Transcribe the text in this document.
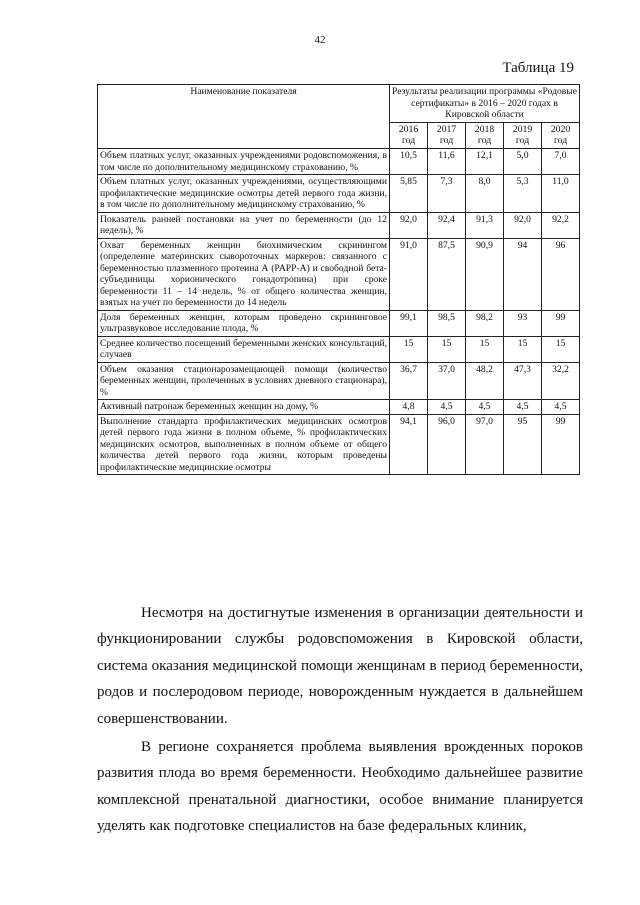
42
Таблица 19
Наименование показателя	Результаты реализации программы «Родовые сертификаты» в 2016 – 2020 годах в Кировской области				
	2016 год	2017 год	2018 год	2019 год	2020 год
Объем платных услуг, оказанных учреждениями родовспоможения, в том числе по дополнительному медицинскому страхованию, %	10,5	11,6	12,1	5,0	7,0
Объем платных услуг, оказанных учреждениями, осуществляющими профилактические медицинские осмотры детей первого года жизни, в том числе по дополнительному медицинскому страхованию, %	5,85	7,3	8,0	5,3	11,0
Показатель ранней постановки на учет по беременности (до 12 недель), %	92,0	92,4	91,3	92,0	92,2
Охват беременных женщин биохимическим скринингом (определение материнских сывороточных маркеров: связанного с беременностью плазменного протеина А (PAPP-A) и свободной бета-субъединицы хорионического гонадотропина) при сроке беременности 11 – 14 недель, % от общего количества женщин, взятых на учет по беременности до 14 недель	91,0	87,5	90,9	94	96
Доля беременных женщин, которым проведено скрининговое ультразвуковое исследование плода, %	99,1	98,5	98,2	93	99
Среднее количество посещений беременными женских консультаций, случаев	15	15	15	15	15
Объем оказания стационарозамещающей помощи (количество беременных женщин, пролеченных в условиях дневного стационара), %	36,7	37,0	48,2	47,3	32,2
Активный патронаж беременных женщин на дому, %	4,8	4,5	4,5	4,5	4,5
Выполнение стандарта профилактических медицинских осмотров детей первого года жизни в полном объеме, % профилактических медицинских осмотров, выполненных в полном объеме от общего количества детей первого года жизни, которым проведены профилактические медицинские осмотры	94,1	96,0	97,0	95	99

Несмотря на достигнутые изменения в организации деятельности и функционировании службы родовспоможения в Кировской области, система оказания медицинской помощи женщинам в период беременности, родов и послеродовом периоде, новорожденным нуждается в дальнейшем совершенствовании.

В регионе сохраняется проблема выявления врожденных пороков развития плода во время беременности. Необходимо дальнейшее развитие комплексной пренатальной диагностики, особое внимание планируется уделять как подготовке специалистов на базе федеральных клиник,
